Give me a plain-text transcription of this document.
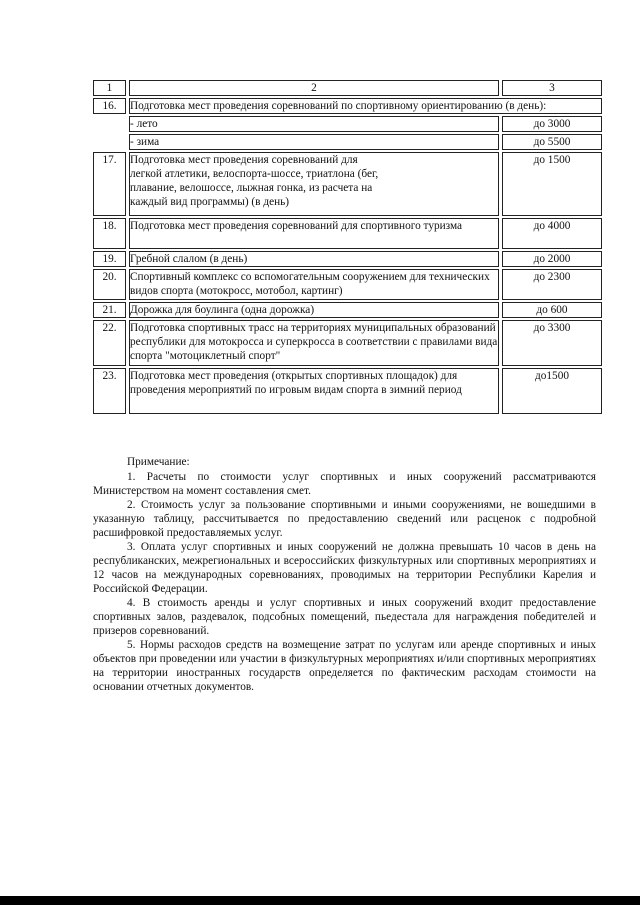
1		2		3
16.		Подготовка мест проведения соревнований по спортивному ориентированию (в день):		
		- лето		до 3000
		- зима		до 5500
17.		Подготовка мест проведения соревнований для легкой атлетики, велоспорта-шоссе, триатлона (бег, плавание, велошоссе, лыжная гонка, из расчета на каждый вид программы) (в день)		до 1500
18.		Подготовка мест проведения соревнований для спортивного туризма		до 4000
19.		Гребной слалом (в день)		до 2000
20.		Спортивный комплекс со вспомогательным сооружением для технических видов спорта (мотокросс, мотобол, картинг)		до 2300
21.		Дорожка для боулинга (одна дорожка)		до 600
22.		Подготовка спортивных трасс на территориях муниципальных образований республики для мотокросса и суперкросса в соответствии с правилами вида спорта "мотоциклетный спорт"		до 3300
23.		Подготовка мест проведения (открытых спортивных площадок) для проведения мероприятий по игровым видам спорта в зимний период		до1500

Примечание:

1. Расчеты по стоимости услуг спортивных и иных сооружений рассматриваются Министерством на момент составления смет.

2. Стоимость услуг за пользование спортивными и иными сооружениями, не вошедшими в указанную таблицу, рассчитывается по предоставлению сведений или расценок с подробной расшифровкой предоставляемых услуг.

3. Оплата услуг спортивных и иных сооружений не должна превышать 10 часов в день на республиканских, межрегиональных и всероссийских физкультурных или спортивных мероприятиях и 12 часов на международных соревнованиях, проводимых на территории Республики Карелия и Российской Федерации.

4. В стоимость аренды и услуг спортивных и иных сооружений входит предоставление спортивных залов, раздевалок, подсобных помещений, пьедестала для награждения победителей и призеров соревнований.

5. Нормы расходов средств на возмещение затрат по услугам или аренде спортивных и иных объектов при проведении или участии в физкультурных мероприятиях и/или спортивных мероприятиях на территории иностранных государств определяется по фактическим расходам стоимости на основании отчетных документов.
